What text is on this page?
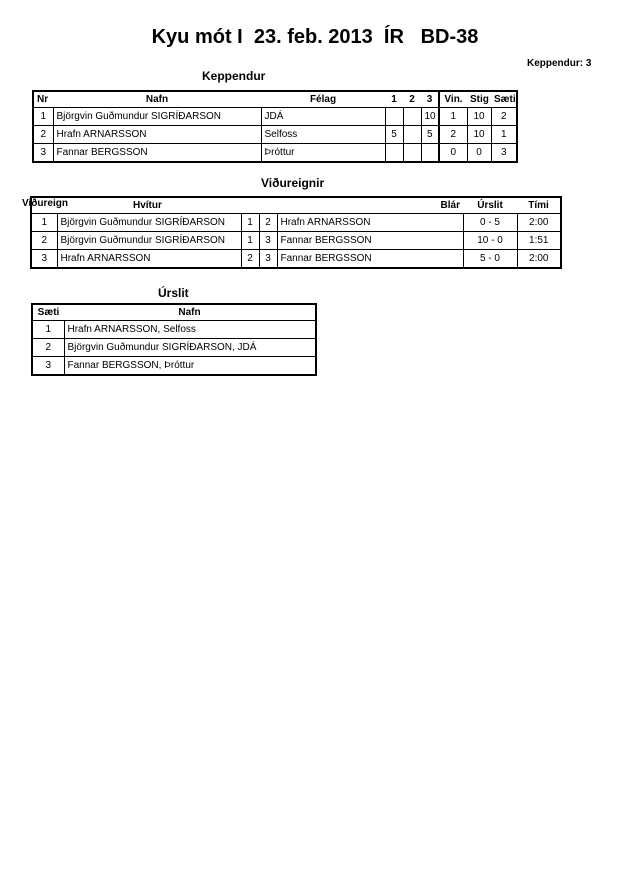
Kyu mót I  23. feb. 2013  ÍR   BD-38
Keppendur: 3
Keppendur
Nr	Nafn	Félag	1	2	3	Vin.	Stig	Sæti
1	Björgvin Guðmundur SIGRÍÐARSON	JDÁ			10	1	10	2
2	Hrafn ARNARSSON	Selfoss	5		5	2	10	1
3	Fannar BERGSSON	Þróttur				0	0	3
Viðureignir
Viðureign	Hvítur			Blár	Úrslit	Tími
1	Björgvin Guðmundur SIGRÍÐARSON	1	2	Hrafn ARNARSSON	0 - 5	2:00
2	Björgvin Guðmundur SIGRÍÐARSON	1	3	Fannar BERGSSON	10 - 0	1:51
3	Hrafn ARNARSSON	2	3	Fannar BERGSSON	5 - 0	2:00
Úrslit
Sæti	Nafn
1	Hrafn ARNARSSON, Selfoss
2	Björgvin Guðmundur SIGRÍÐARSON, JDÁ
3	Fannar BERGSSON, Þróttur
